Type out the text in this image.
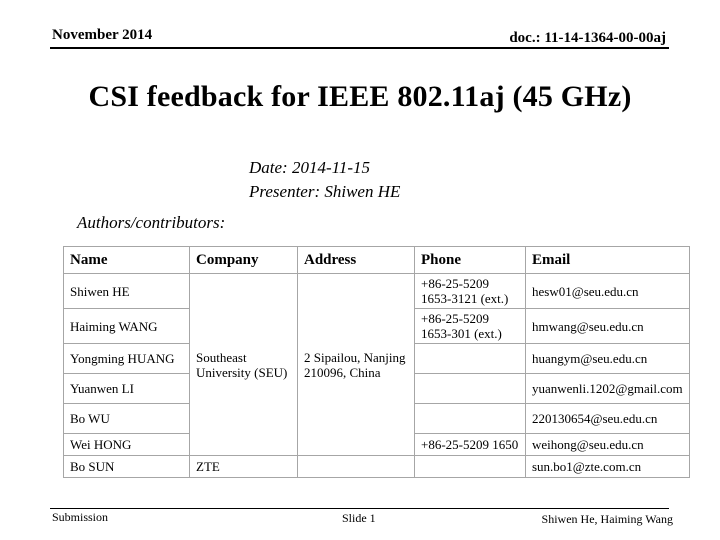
November 2014	doc.: 11-14-1364-00-00aj
CSI feedback for IEEE 802.11aj (45 GHz)
Date: 2014-11-15
Presenter: Shiwen HE
Authors/contributors:
Name	Company	Address	Phone	Email
Shiwen HE	Southeast University (SEU)	2 Sipailou, Nanjing 210096, China	+86-25-5209 1653-3121 (ext.)	hesw01@seu.edu.cn
Haiming WANG			+86-25-5209 1653-301 (ext.)	hmwang@seu.edu.cn
Yongming HUANG				huangym@seu.edu.cn
Yuanwen LI				yuanwenli.1202@gmail.com
Bo WU				220130654@seu.edu.cn
Wei HONG			+86-25-5209 1650	weihong@seu.edu.cn
Bo SUN	ZTE			sun.bo1@zte.com.cn
Submission	Slide 1	Shiwen He, Haiming Wang
